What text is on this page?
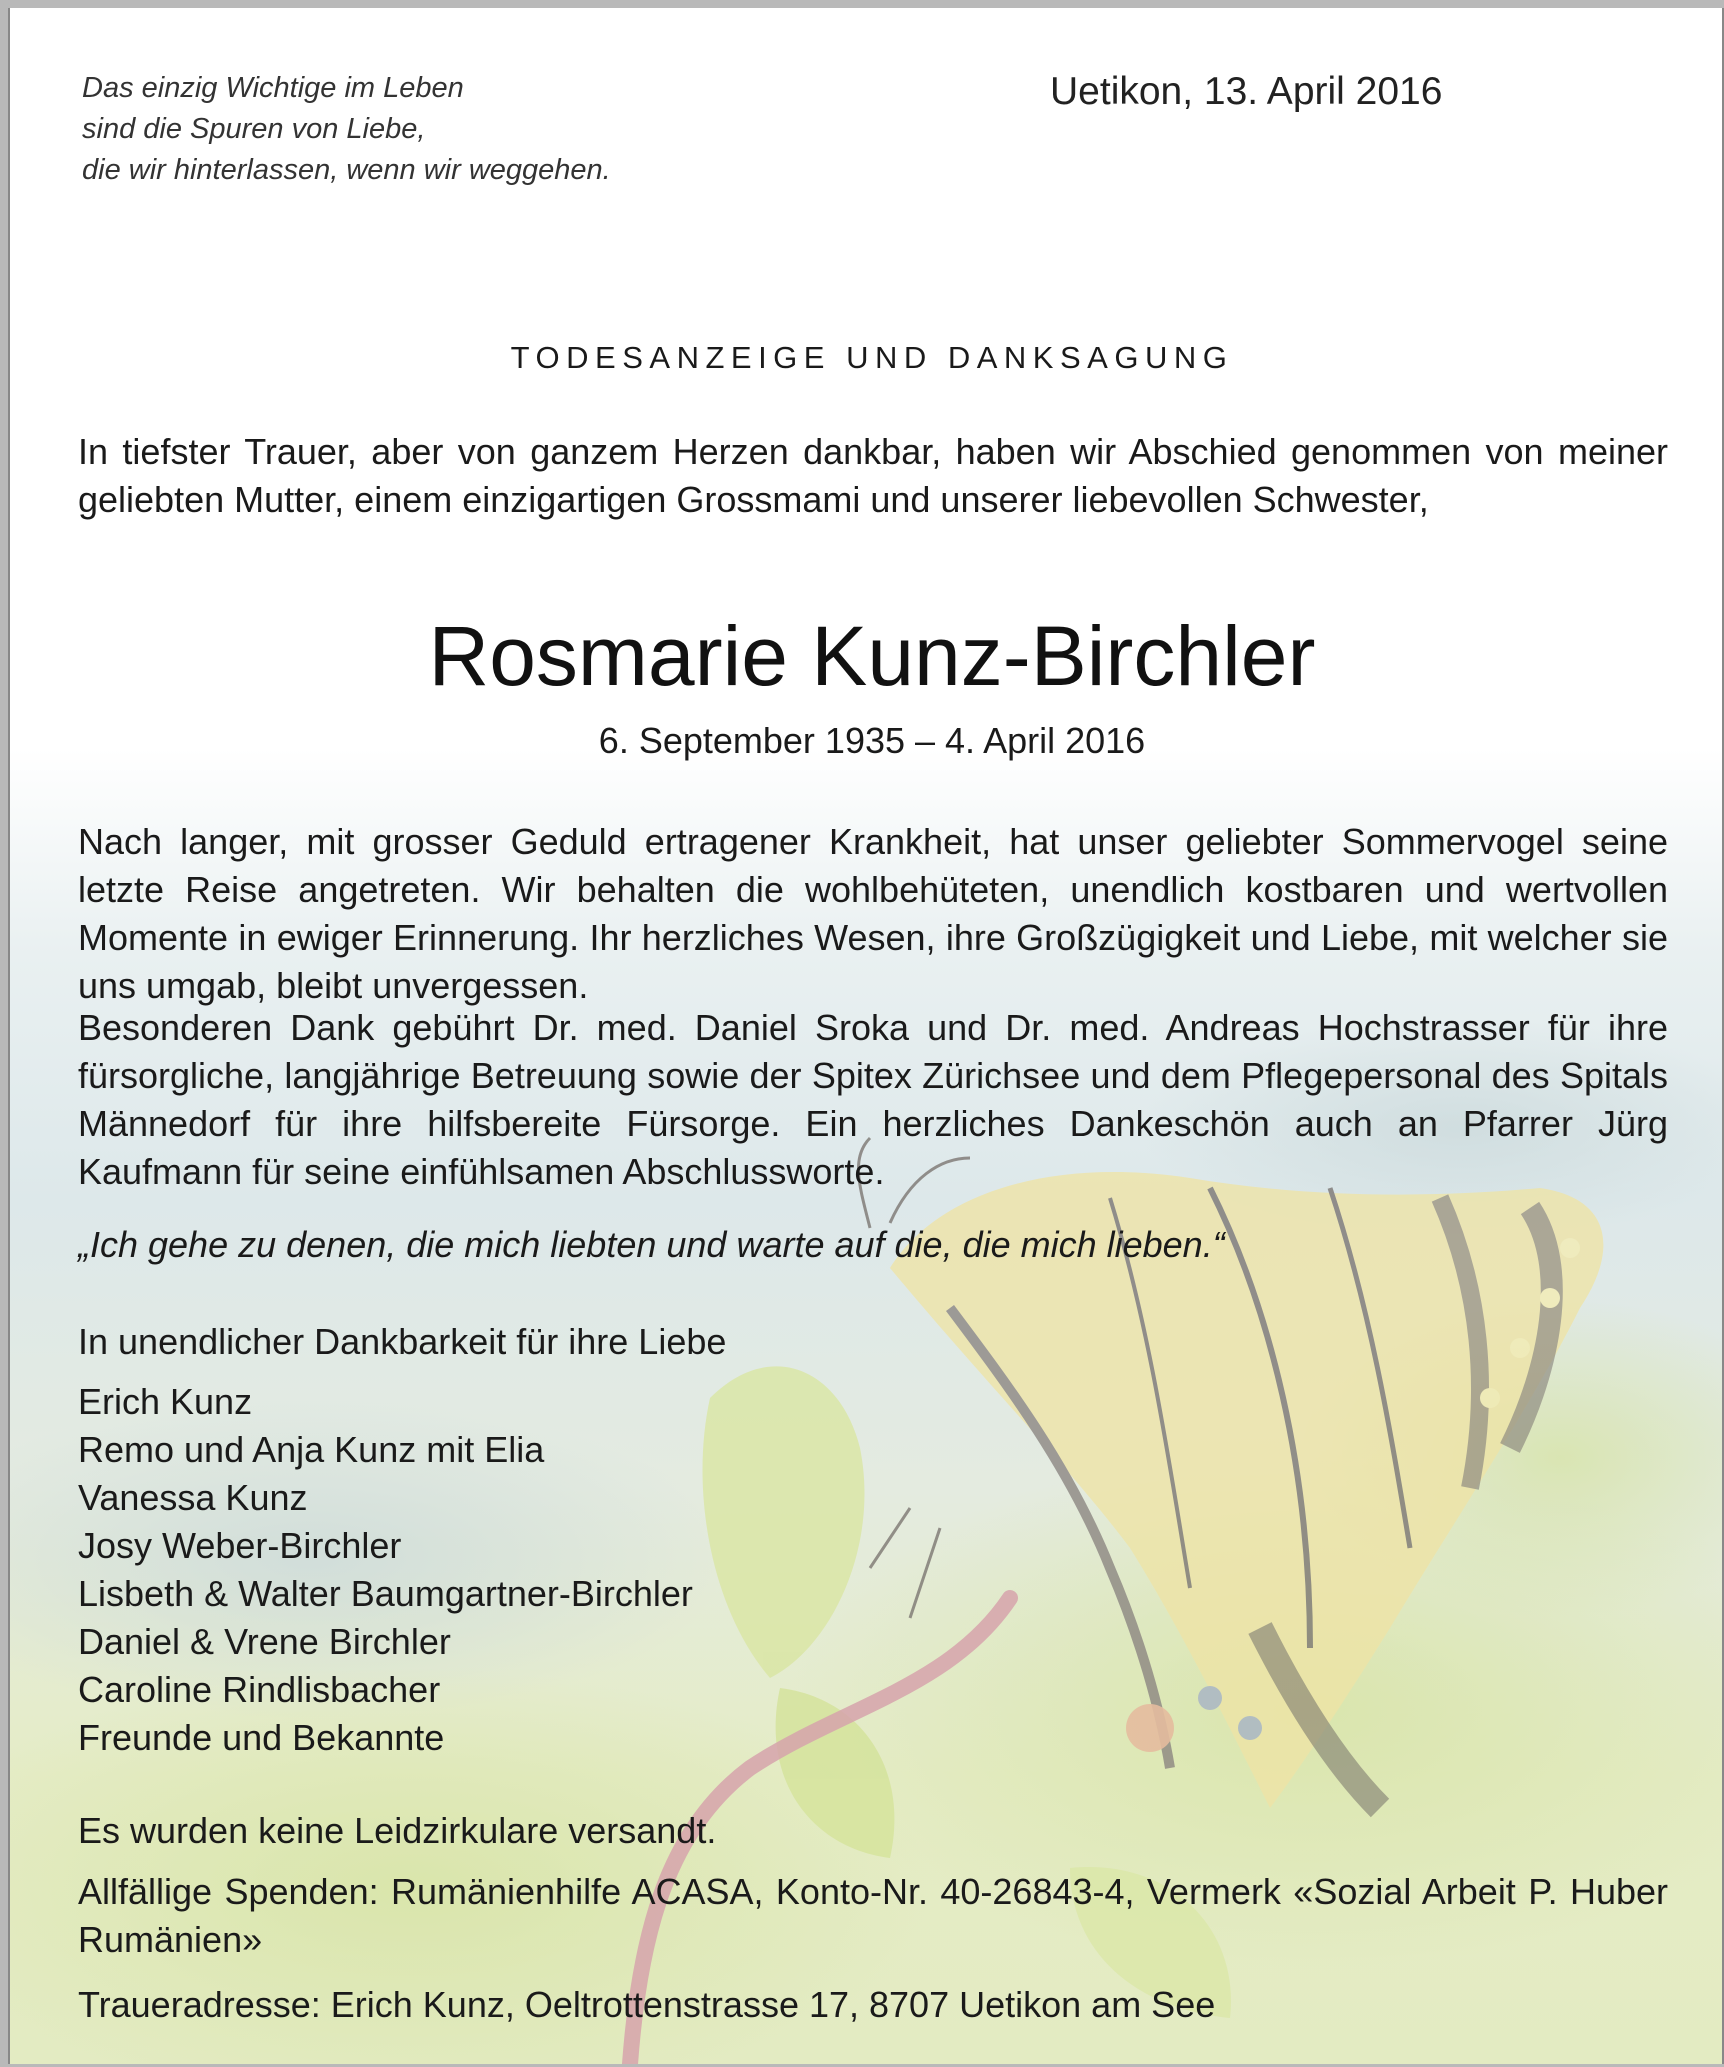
Das einzig Wichtige im Leben
sind die Spuren von Liebe,
die wir hinterlassen, wenn wir weggehen.
Uetikon, 13. April 2016
TODESANZEIGE UND DANKSAGUNG
In tiefster Trauer, aber von ganzem Herzen dankbar, haben wir Abschied genommen von meiner geliebten Mutter, einem einzigartigen Grossmami und unserer liebevollen Schwester,
Rosmarie Kunz-Birchler
6. September 1935 – 4. April 2016
Nach langer, mit grosser Geduld ertragener Krankheit, hat unser geliebter Sommervogel seine letzte Reise angetreten. Wir behalten die wohlbehüteten, unendlich kostbaren und wertvollen Momente in ewiger Erinnerung. Ihr herzliches Wesen, ihre Großzügigkeit und Liebe, mit welcher sie uns umgab, bleibt unvergessen.
Besonderen Dank gebührt Dr. med. Daniel Sroka und Dr. med. Andreas Hochstrasser für ihre fürsorgliche, langjährige Betreuung sowie der Spitex Zürichsee und dem Pflegepersonal des Spitals Männedorf für ihre hilfsbereite Fürsorge. Ein herzliches Dankeschön auch an Pfarrer Jürg Kaufmann für seine einfühlsamen Abschlussworte.
„Ich gehe zu denen, die mich liebten und warte auf die, die mich lieben.“
In unendlicher Dankbarkeit für ihre Liebe
Erich Kunz
Remo und Anja Kunz mit Elia
Vanessa Kunz
Josy Weber-Birchler
Lisbeth & Walter Baumgartner-Birchler
Daniel & Vrene Birchler
Caroline Rindlisbacher
Freunde und Bekannte
Es wurden keine Leidzirkulare versandt.
Allfällige Spenden: Rumänienhilfe ACASA, Konto-Nr. 40-26843-4, Vermerk «Sozial Arbeit P. Huber Rumänien»
Traueradresse: Erich Kunz, Oeltrottenstrasse 17, 8707 Uetikon am See
